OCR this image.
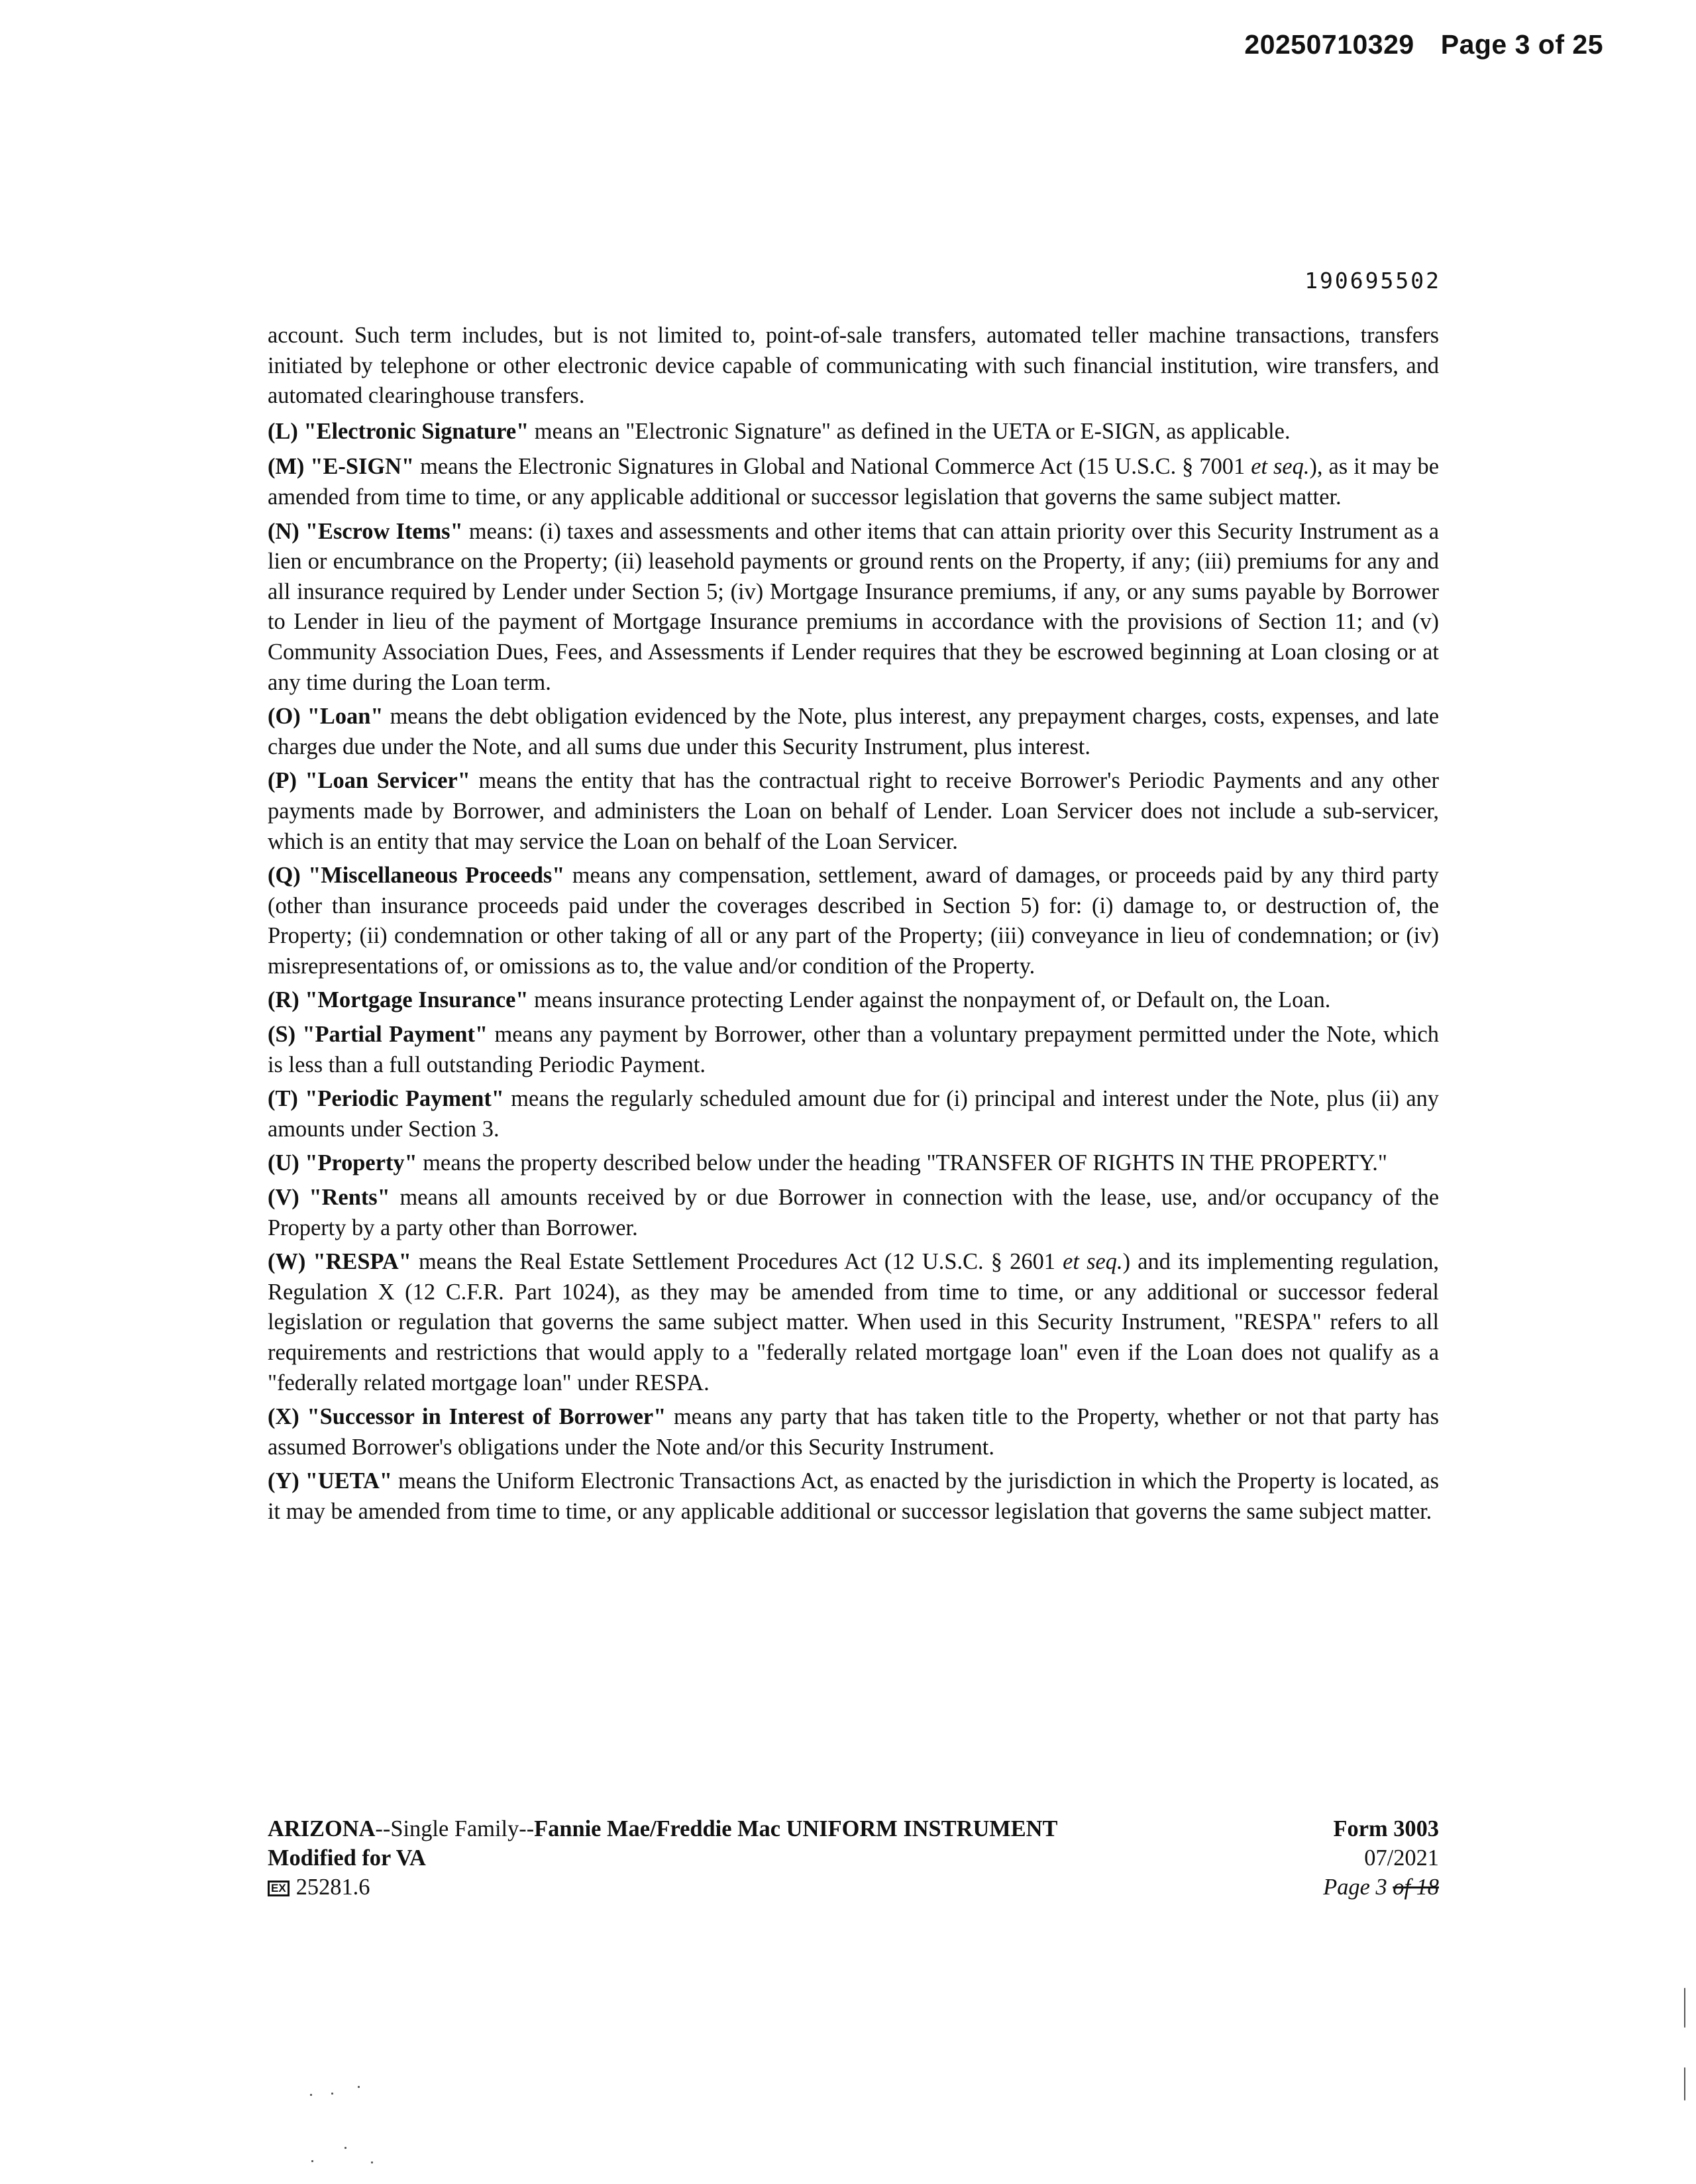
20250710329 Page 3 of 25
190695502

account. Such term includes, but is not limited to, point-of-sale transfers, automated teller machine transactions, transfers initiated by telephone or other electronic device capable of communicating with such financial institution, wire transfers, and automated clearinghouse transfers.

(L) "Electronic Signature" means an "Electronic Signature" as defined in the UETA or E-SIGN, as applicable.

(M) "E-SIGN" means the Electronic Signatures in Global and National Commerce Act (15 U.S.C. § 7001 et seq.), as it may be amended from time to time, or any applicable additional or successor legislation that governs the same subject matter.

(N) "Escrow Items" means: (i) taxes and assessments and other items that can attain priority over this Security Instrument as a lien or encumbrance on the Property; (ii) leasehold payments or ground rents on the Property, if any; (iii) premiums for any and all insurance required by Lender under Section 5; (iv) Mortgage Insurance premiums, if any, or any sums payable by Borrower to Lender in lieu of the payment of Mortgage Insurance premiums in accordance with the provisions of Section 11; and (v) Community Association Dues, Fees, and Assessments if Lender requires that they be escrowed beginning at Loan closing or at any time during the Loan term.

(O) "Loan" means the debt obligation evidenced by the Note, plus interest, any prepayment charges, costs, expenses, and late charges due under the Note, and all sums due under this Security Instrument, plus interest.

(P) "Loan Servicer" means the entity that has the contractual right to receive Borrower's Periodic Payments and any other payments made by Borrower, and administers the Loan on behalf of Lender. Loan Servicer does not include a sub-servicer, which is an entity that may service the Loan on behalf of the Loan Servicer.

(Q) "Miscellaneous Proceeds" means any compensation, settlement, award of damages, or proceeds paid by any third party (other than insurance proceeds paid under the coverages described in Section 5) for: (i) damage to, or destruction of, the Property; (ii) condemnation or other taking of all or any part of the Property; (iii) conveyance in lieu of condemnation; or (iv) misrepresentations of, or omissions as to, the value and/or condition of the Property.

(R) "Mortgage Insurance" means insurance protecting Lender against the nonpayment of, or Default on, the Loan.

(S) "Partial Payment" means any payment by Borrower, other than a voluntary prepayment permitted under the Note, which is less than a full outstanding Periodic Payment.

(T) "Periodic Payment" means the regularly scheduled amount due for (i) principal and interest under the Note, plus (ii) any amounts under Section 3.

(U) "Property" means the property described below under the heading "TRANSFER OF RIGHTS IN THE PROPERTY."

(V) "Rents" means all amounts received by or due Borrower in connection with the lease, use, and/or occupancy of the Property by a party other than Borrower.

(W) "RESPA" means the Real Estate Settlement Procedures Act (12 U.S.C. § 2601 et seq.) and its implementing regulation, Regulation X (12 C.F.R. Part 1024), as they may be amended from time to time, or any additional or successor federal legislation or regulation that governs the same subject matter. When used in this Security Instrument, "RESPA" refers to all requirements and restrictions that would apply to a "federally related mortgage loan" even if the Loan does not qualify as a "federally related mortgage loan" under RESPA.

(X) "Successor in Interest of Borrower" means any party that has taken title to the Property, whether or not that party has assumed Borrower's obligations under the Note and/or this Security Instrument.

(Y) "UETA" means the Uniform Electronic Transactions Act, as enacted by the jurisdiction in which the Property is located, as it may be amended from time to time, or any applicable additional or successor legislation that governs the same subject matter.

ARIZONA--Single Family--Fannie Mae/Freddie Mac UNIFORM INSTRUMENT
Modified for VA
EX 25281.6
Form 3003
07/2021
Page 3 of 18
